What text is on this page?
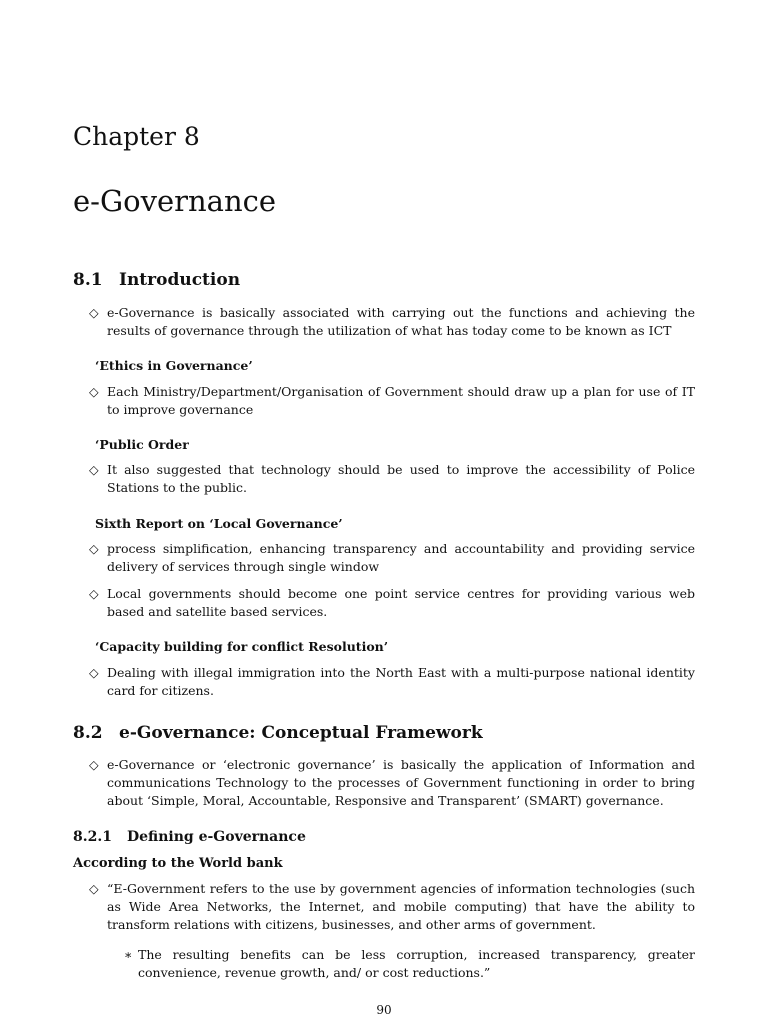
Chapter 8
e-Governance
8.1 Introduction
◇ e-Governance is basically associated with carrying out the functions and achieving the results of governance through the utilization of what has today come to be known as ICT
‘Ethics in Governance’
◇ Each Ministry/Department/Organisation of Government should draw up a plan for use of IT to improve governance
‘Public Order
◇ It also suggested that technology should be used to improve the accessibility of Police Stations to the public.
Sixth Report on ‘Local Governance’
◇ process simplification, enhancing transparency and accountability and providing service delivery of services through single window
◇ Local governments should become one point service centres for providing various web based and satellite based services.
‘Capacity building for conflict Resolution’
◇ Dealing with illegal immigration into the North East with a multi-purpose national identity card for citizens.
8.2 e-Governance: Conceptual Framework
◇ e-Governance or ‘electronic governance’ is basically the application of Information and communications Technology to the processes of Government functioning in order to bring about ‘Simple, Moral, Accountable, Responsive and Transparent’ (SMART) governance.
8.2.1 Defining e-Governance
According to the World bank
◇ “E-Government refers to the use by government agencies of information technologies (such as Wide Area Networks, the Internet, and mobile computing) that have the ability to transform relations with citizens, businesses, and other arms of government.
∗ The resulting benefits can be less corruption, increased transparency, greater convenience, revenue growth, and/ or cost reductions.”
90
